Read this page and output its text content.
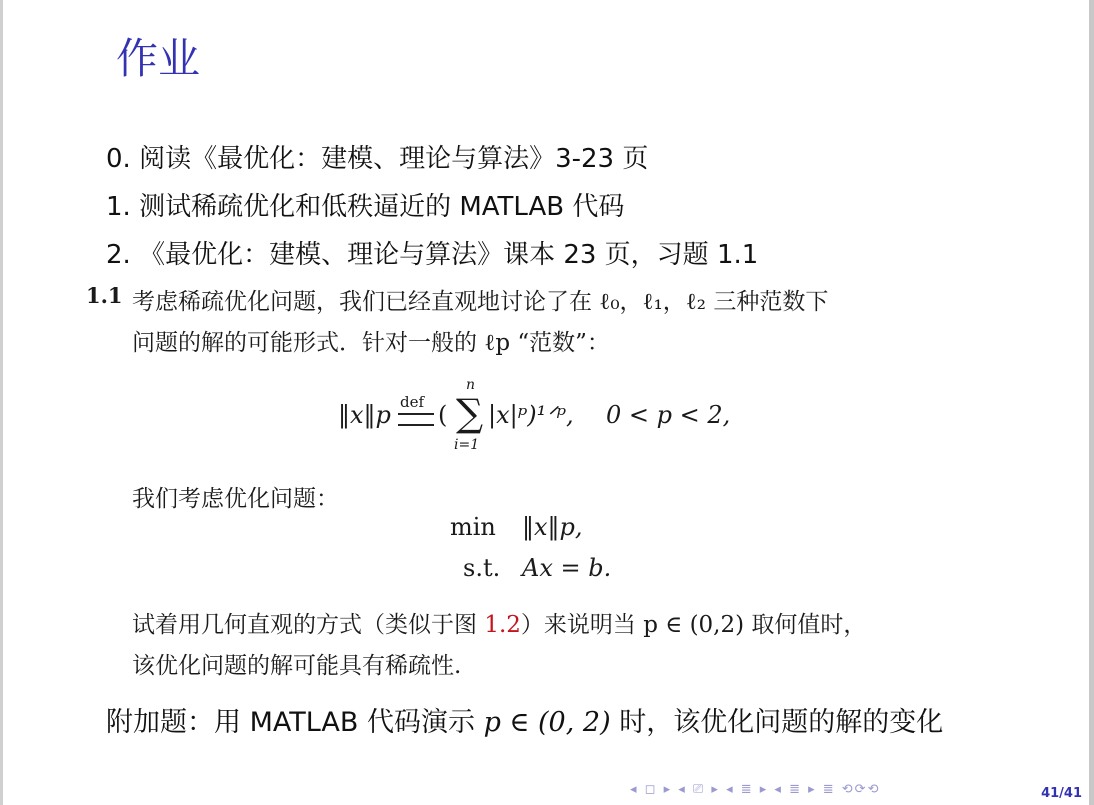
作业
0. 阅读《最优化：建模、理论与算法》3-23 页
1. 测试稀疏优化和低秩逼近的 MATLAB 代码
2. 《最优化：建模、理论与算法》课本 23 页，习题 1.1
1.1 考虑稀疏优化问题，我们已经直观地讨论了在 ℓ₀，ℓ₁，ℓ₂ 三种范数下
问题的解的可能形式．针对一般的 ℓp “范数”：
‖x‖p def ( ∑
n
i=1
|x|ᵖ)¹ᐟᵖ, 0 < p < 2,
我们考虑优化问题：
min ‖x‖p,
s.t. Ax = b.
试着用几何直观的方式（类似于图 1.2）来说明当 p ∈ (0,2) 取何值时，
该优化问题的解可能具有稀疏性.
附加题：用 MATLAB 代码演示 p ∈ (0, 2) 时，该优化问题的解的变化
◂ ◻ ▸ ◂ ⎚ ▸ ◂ ≣ ▸ ◂ ≣ ▸ ≣ ⟲⟳⟲	41/41
